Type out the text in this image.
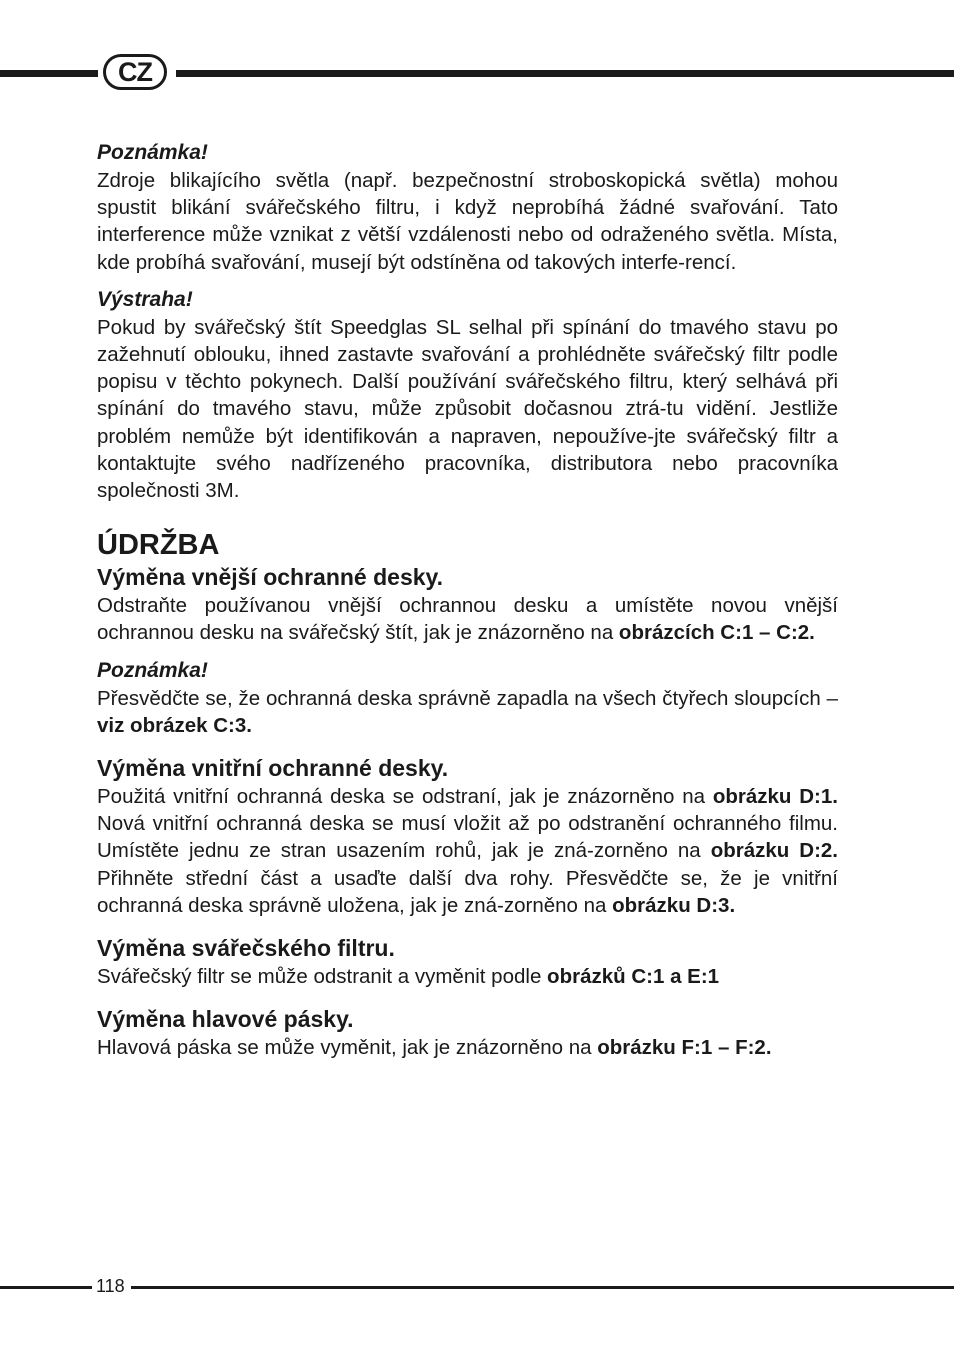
CZ
Poznámka!

Zdroje blikajícího světla (např. bezpečnostní stroboskopická světla) mohou spustit blikání svářečského filtru, i když neprobíhá žádné svařování. Tato interference může vznikat z větší vzdálenosti nebo od odraženého světla. Místa, kde probíhá svařování, musejí být odstíněna od takových interfe-rencí.

Výstraha!

Pokud by svářečský štít Speedglas SL selhal při spínání do tmavého stavu po zažehnutí oblouku, ihned zastavte svařování a prohlédněte svářečský filtr podle popisu v těchto pokynech. Další používání svářečského filtru, který selhává při spínání do tmavého stavu, může způsobit dočasnou ztrá-tu vidění. Jestliže problém nemůže být identifikován a napraven, nepoužíve-jte svářečský filtr a kontaktujte svého nadřízeného pracovníka, distributora nebo pracovníka společnosti 3M.

ÚDRŽBA
Výměna vnější ochranné desky.

Odstraňte používanou vnější ochrannou desku a umístěte novou vnější ochrannou desku na svářečský štít, jak je znázorněno na obrázcích C:1 – C:2.

Poznámka!

Přesvědčte se, že ochranná deska správně zapadla na všech čtyřech sloupcích – viz obrázek C:3.

Výměna vnitřní ochranné desky.

Použitá vnitřní ochranná deska se odstraní, jak je znázorněno na obrázku D:1. Nová vnitřní ochranná deska se musí vložit až po odstranění ochranného filmu. Umístěte jednu ze stran usazením rohů, jak je zná-zorněno na obrázku D:2. Přihněte střední část a usaďte další dva rohy. Přesvědčte se, že je vnitřní ochranná deska správně uložena, jak je zná-zorněno na obrázku D:3.

Výměna svářečského filtru.

Svářečský filtr se může odstranit a vyměnit podle obrázků C:1 a E:1

Výměna hlavové pásky.

Hlavová páska se může vyměnit, jak je znázorněno na obrázku F:1 – F:2.

118
